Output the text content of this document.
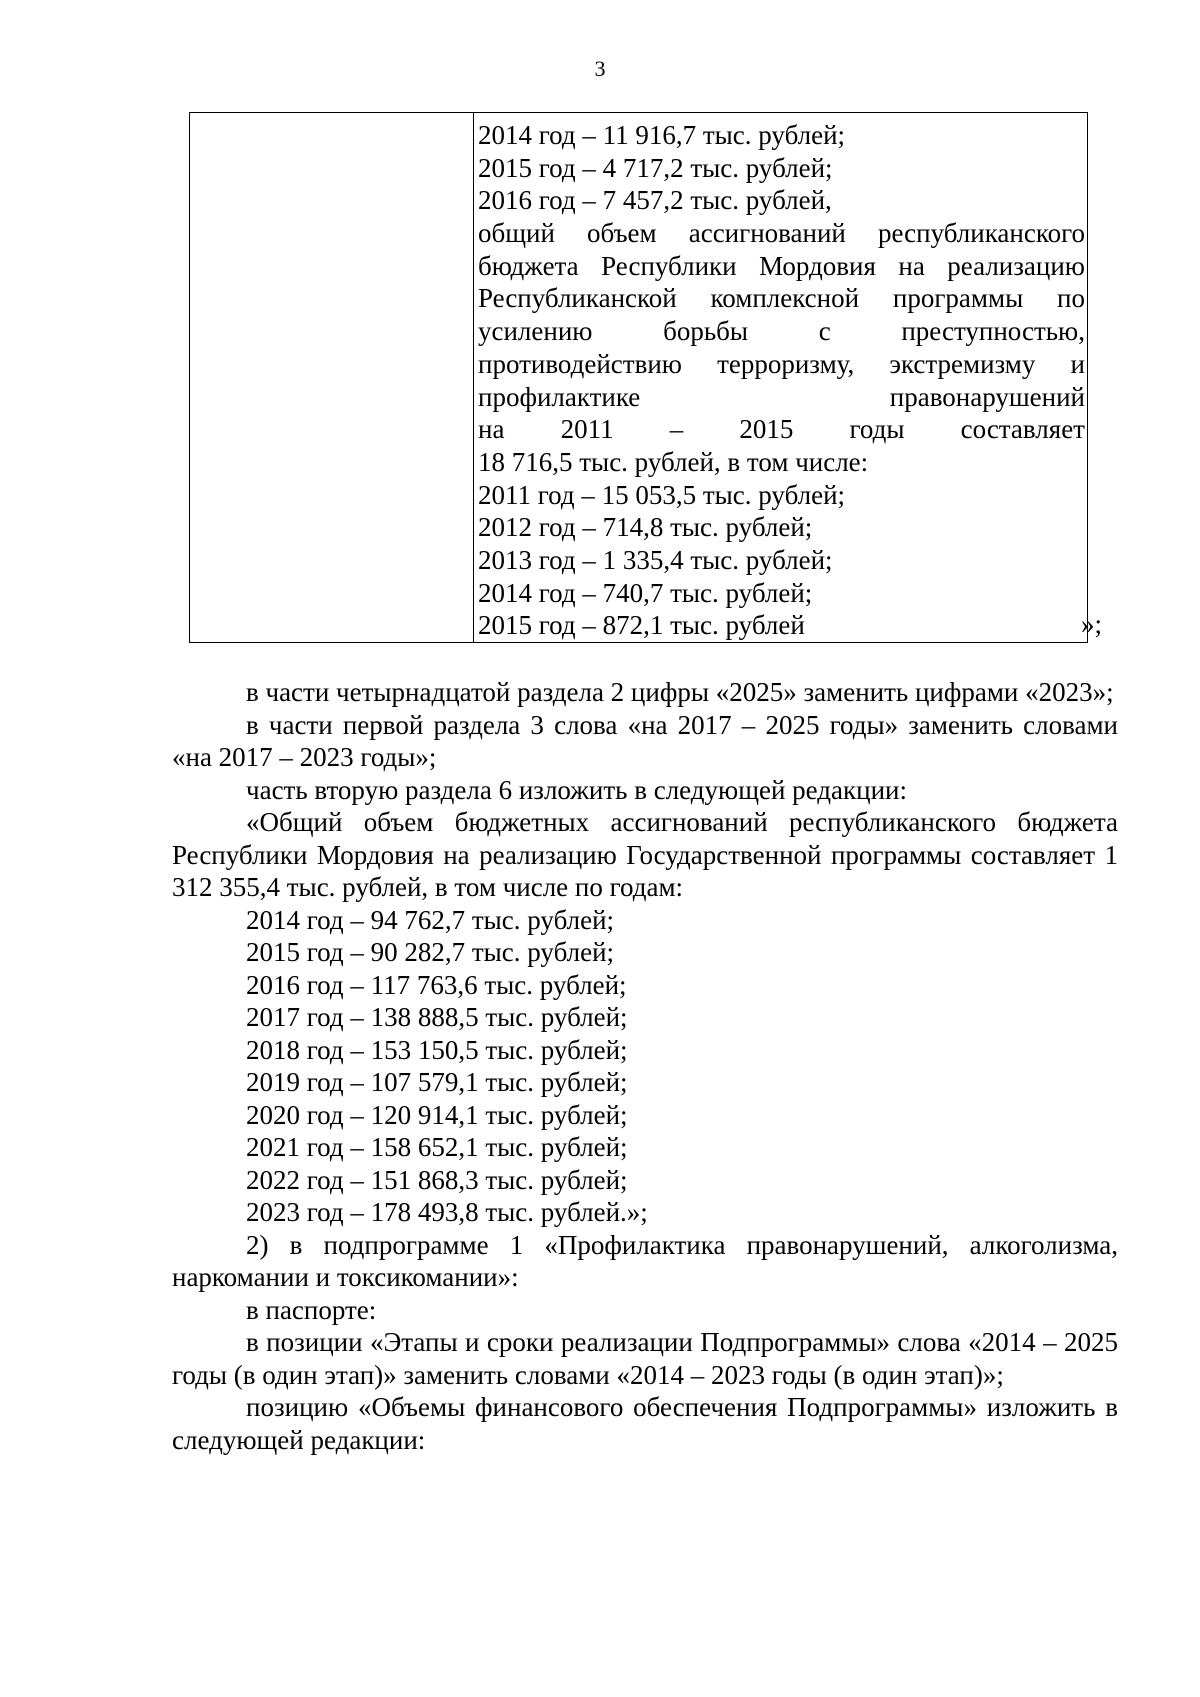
3

2014 год – 11 916,7 тыс. рублей;
2015 год – 4 717,2 тыс. рублей;
2016 год – 7 457,2 тыс. рублей,
общий объем ассигнований республиканского
бюджета Республики Мордовия на реализацию
Республиканской комплексной программы по
усилению	борьбы	с	преступностью,
противодействию терроризму, экстремизму и
профилактике	правонарушений
на 2011 – 2015 годы составляет
18 716,5 тыс. рублей, в том числе:
2011 год – 15 053,5 тыс. рублей;
2012 год – 714,8 тыс. рублей;
2013 год – 1 335,4 тыс. рублей;
2014 год – 740,7 тыс. рублей;
2015 год – 872,1 тыс. рублей	»;

в части четырнадцатой раздела 2 цифры «2025» заменить цифрами «2023»;

в части первой раздела 3 слова «на 2017 – 2025 годы» заменить словами «на 2017 – 2023 годы»;

часть вторую раздела 6 изложить в следующей редакции:

«Общий объем бюджетных ассигнований республиканского бюджета Республики Мордовия на реализацию Государственной программы составляет 1 312 355,4 тыс. рублей, в том числе по годам:

2014 год – 94 762,7 тыс. рублей;

2015 год – 90 282,7 тыс. рублей;

2016 год – 117 763,6 тыс. рублей;

2017 год – 138 888,5 тыс. рублей;

2018 год – 153 150,5 тыс. рублей;

2019 год – 107 579,1 тыс. рублей;

2020 год – 120 914,1 тыс. рублей;

2021 год – 158 652,1 тыс. рублей;

2022 год – 151 868,3 тыс. рублей;

2023 год – 178 493,8 тыс. рублей.»;

2) в подпрограмме 1 «Профилактика правонарушений, алкоголизма, наркомании и токсикомании»:

в паспорте:

в позиции «Этапы и сроки реализации Подпрограммы» слова «2014 – 2025 годы (в один этап)» заменить словами «2014 – 2023 годы (в один этап)»;

позицию «Объемы финансового обеспечения Подпрограммы» изложить в следующей редакции:
